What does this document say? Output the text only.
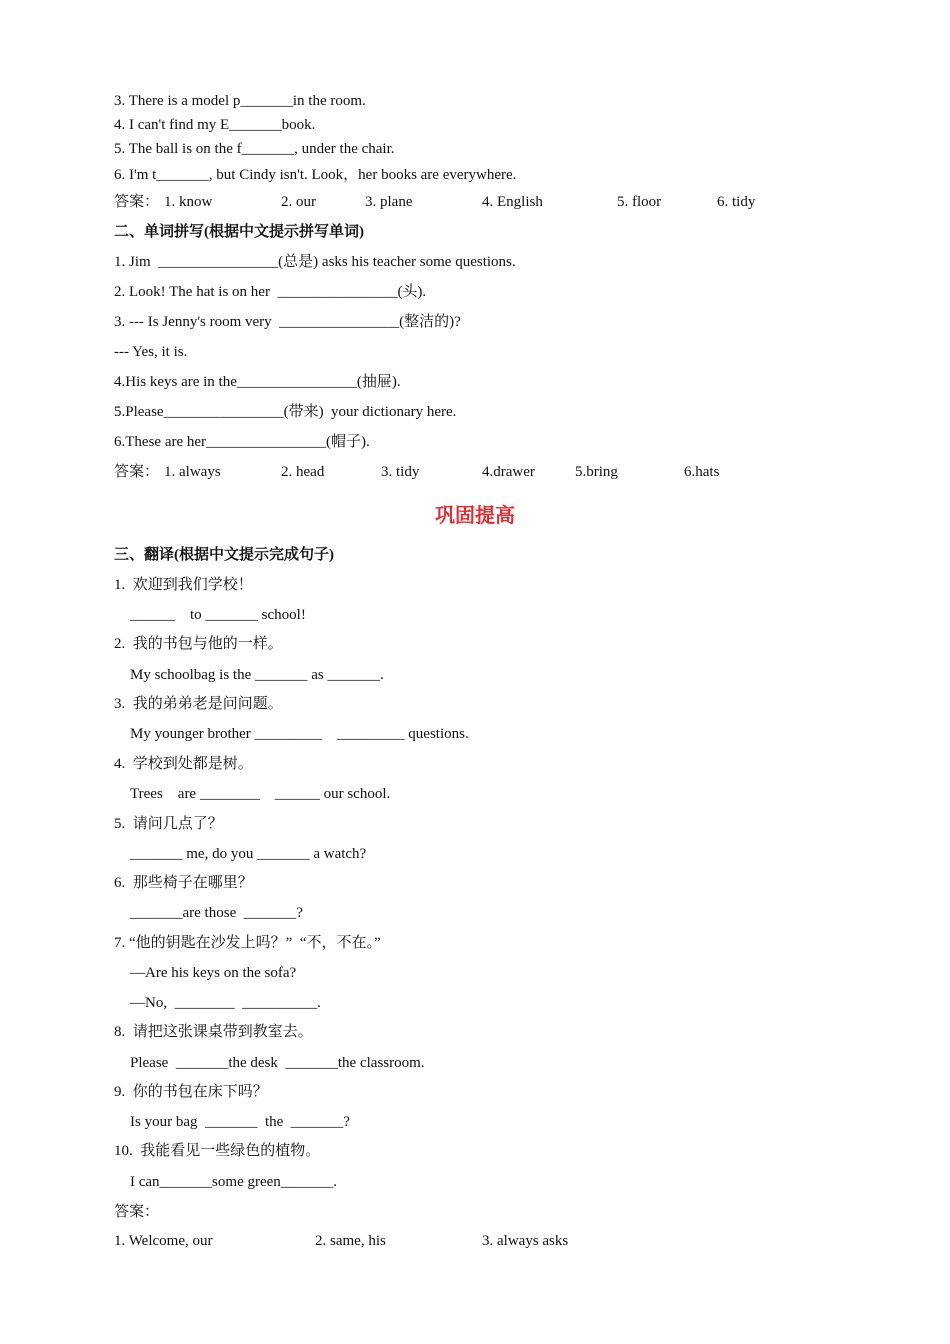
3. There is a model p_______in the room.
4. I can't find my E_______book.
5. The ball is on the f_______, under the chair.
6. I'm t_______, but Cindy isn't. Look，her books are everywhere.
答案： 1. know	2. our	3. plane	4. English	5. floor	6. tidy
二、单词拼写(根据中文提示拼写单词)
1. Jim  ________________(总是) asks his teacher some questions.
2. Look! The hat is on her  ________________(头).
3. --- Is Jenny's room very  ________________(整洁的)?
--- Yes, it is.
4.His keys are in the________________(抽屉).
5.Please________________(带来)  your dictionary here.
6.These are her________________(帽子).
答案： 1. always	2. head	3. tidy	4.drawer	5.bring	6.hats
巩固提高
三、翻译(根据中文提示完成句子)
1.  欢迎到我们学校！
______    to _______ school!
2.  我的书包与他的一样。
My schoolbag is the _______ as _______.
3.  我的弟弟老是问问题。
My younger brother _________    _________ questions.
4.  学校到处都是树。
Trees    are ________    ______ our school.
5.  请问几点了？
_______ me, do you _______ a watch?
6.  那些椅子在哪里？
_______are those  _______?
7. “他的钥匙在沙发上吗？”  “不，不在。”
—Are his keys on the sofa?
—No,  ________  __________.
8.  请把这张课桌带到教室去。
Please  _______the desk  _______the classroom.
9.  你的书包在床下吗？
Is your bag  _______  the  _______?
10.  我能看见一些绿色的植物。
I can_______some green_______.
答案：
1. Welcome, our	2. same, his	3. always asks
